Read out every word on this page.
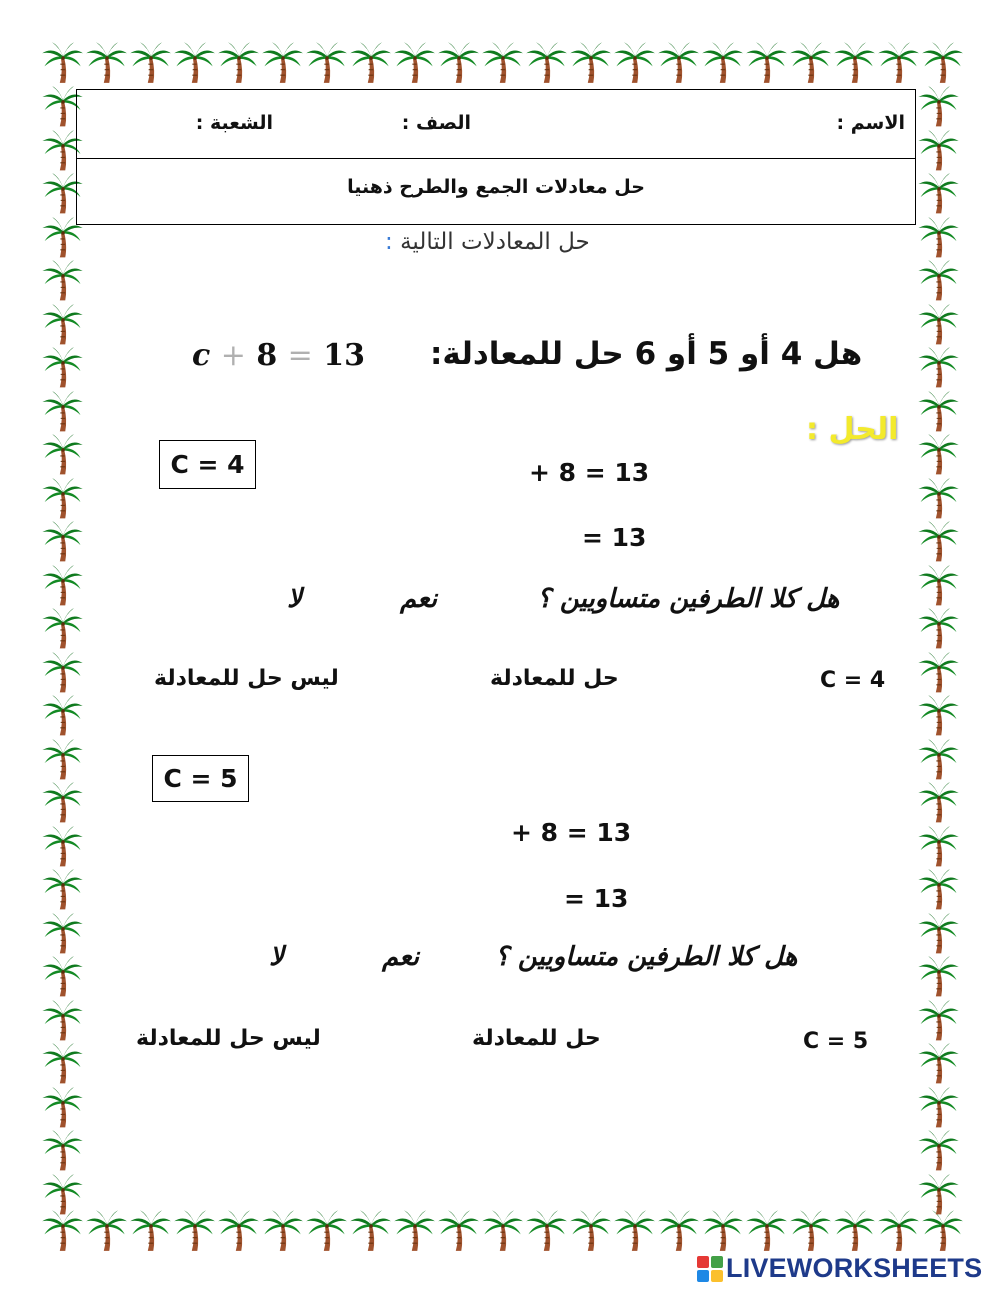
الاسم :
الصف :
الشعبة :
حل معادلات الجمع والطرح ذهنيا
حل المعادلات التالية :
هل 4 أو 5 أو 6 حل للمعادلة:
c + 8 = 13
الحل :
C = 4	+ 8 = 13
= 13
هل كلا الطرفين متساويين ؟
نعم
لا
C = 4
حل للمعادلة
ليس حل للمعادلة
C = 5
+ 8 = 13
= 13
هل كلا الطرفين متساويين ؟
نعم
لا
C = 5
حل للمعادلة
ليس حل للمعادلة
LIVEWORKSHEETS
